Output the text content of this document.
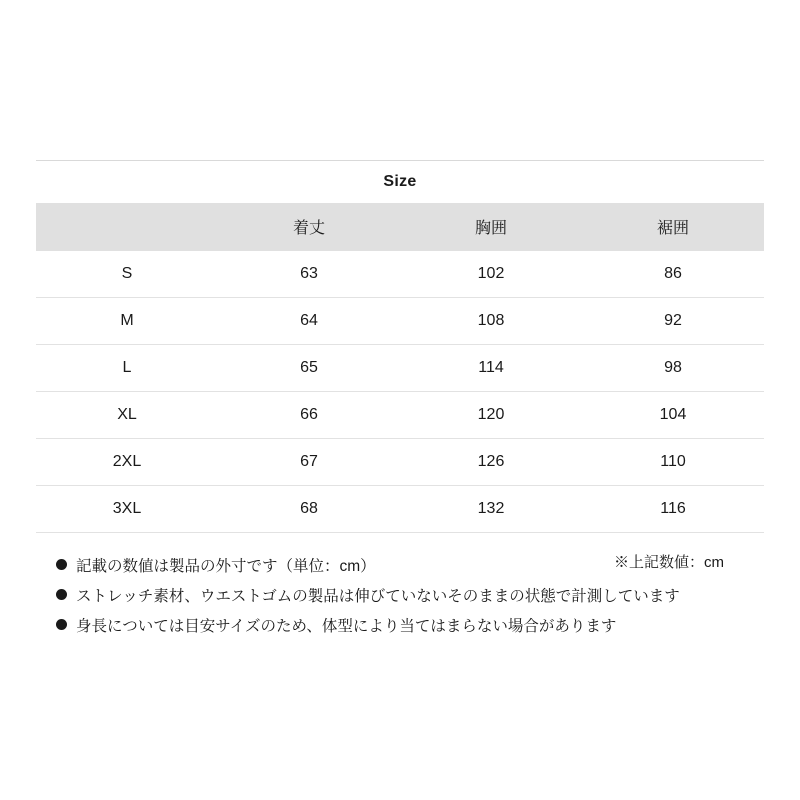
Size
	着丈	胸囲	裾囲
S	63	102	86
M	64	108	92
L	65	114	98
XL	66	120	104
2XL	67	126	110
3XL	68	132	116
※上記数値：cm
記載の数値は製品の外寸です（単位：cm）
ストレッチ素材、ウエストゴムの製品は伸びていないそのままの状態で計測しています
身長については目安サイズのため、体型により当てはまらない場合があります
